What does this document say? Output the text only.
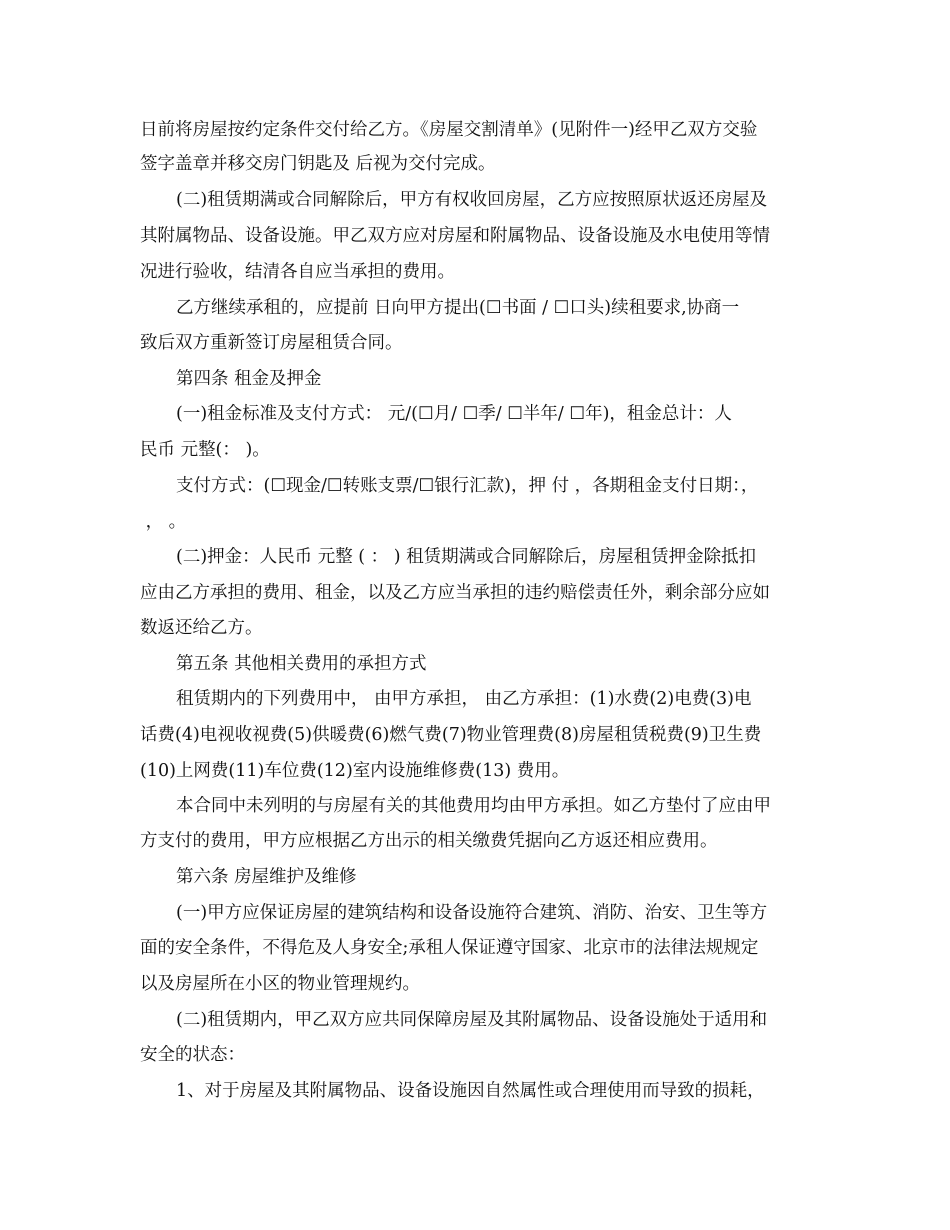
日前将房屋按约定条件交付给乙方。《房屋交割清单》(见附件一)经甲乙双方交验
签字盖章并移交房门钥匙及 后视为交付完成。
(二)租赁期满或合同解除后，甲方有权收回房屋，乙方应按照原状返还房屋及
其附属物品、设备设施。甲乙双方应对房屋和附属物品、设备设施及水电使用等情
况进行验收，结清各自应当承担的费用。
乙方继续承租的，应提前 日向甲方提出(☐书面 / ☐口头)续租要求,协商一
致后双方重新签订房屋租赁合同。
第四条 租金及押金
(一)租金标准及支付方式： 元/(☐月/ ☐季/ ☐半年/ ☐年)，租金总计：人
民币 元整(： )。
支付方式：(☐现金/☐转账支票/☐银行汇款)，押 付 ，各期租金支付日期：，
， 。
(二)押金：人民币 元整 ( ： ) 租赁期满或合同解除后，房屋租赁押金除抵扣
应由乙方承担的费用、租金，以及乙方应当承担的违约赔偿责任外，剩余部分应如
数返还给乙方。
第五条 其他相关费用的承担方式
租赁期内的下列费用中， 由甲方承担， 由乙方承担：(1)水费(2)电费(3)电
话费(4)电视收视费(5)供暖费(6)燃气费(7)物业管理费(8)房屋租赁税费(9)卫生费
(10)上网费(11)车位费(12)室内设施维修费(13) 费用。
本合同中未列明的与房屋有关的其他费用均由甲方承担。如乙方垫付了应由甲
方支付的费用，甲方应根据乙方出示的相关缴费凭据向乙方返还相应费用。
第六条 房屋维护及维修
(一)甲方应保证房屋的建筑结构和设备设施符合建筑、消防、治安、卫生等方
面的安全条件，不得危及人身安全;承租人保证遵守国家、北京市的法律法规规定
以及房屋所在小区的物业管理规约。
(二)租赁期内，甲乙双方应共同保障房屋及其附属物品、设备设施处于适用和
安全的状态：
1、对于房屋及其附属物品、设备设施因自然属性或合理使用而导致的损耗，
